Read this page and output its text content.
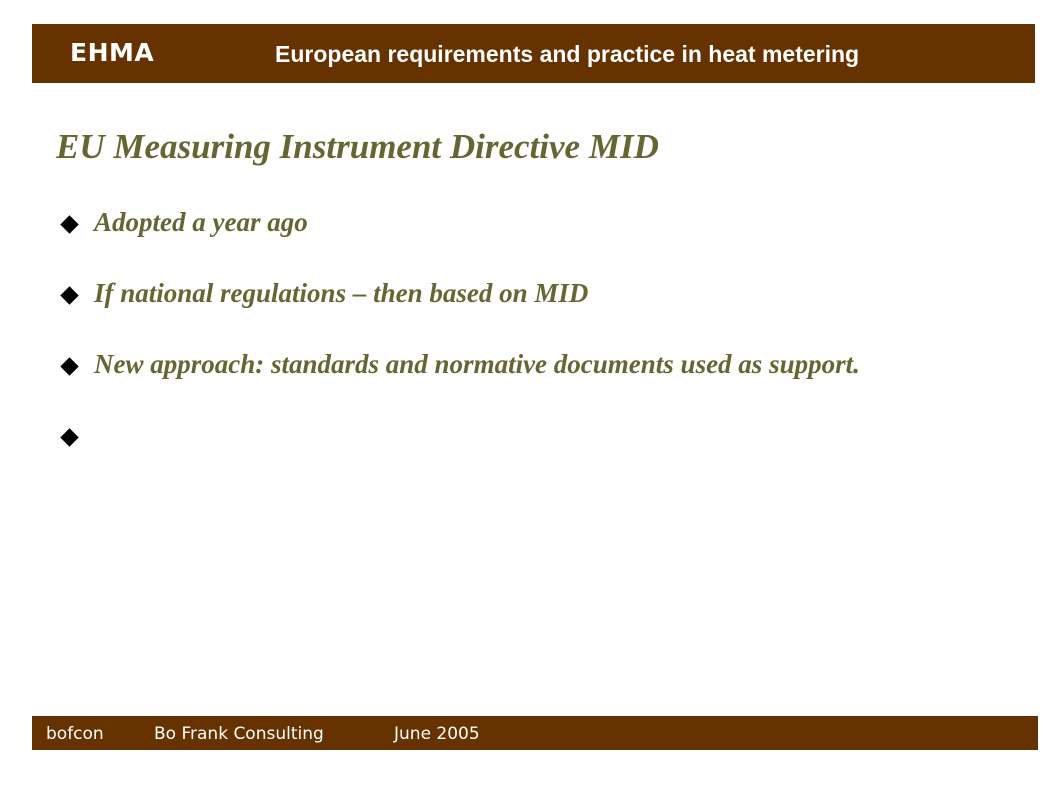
EHMA	European requirements and practice in heat metering
EU Measuring Instrument Directive MID
Adopted a year ago
If national regulations – then based on MID
New approach: standards and normative documents used as support.
bofcon	Bo Frank Consulting	June 2005
